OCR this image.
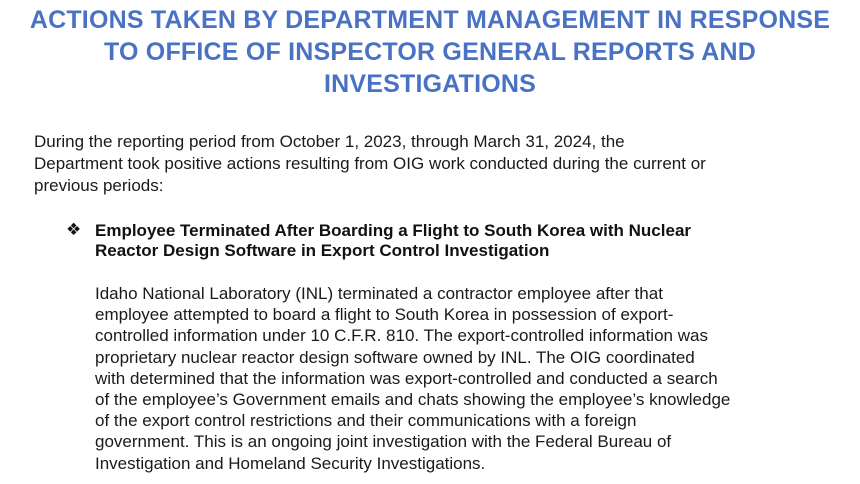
ACTIONS TAKEN BY DEPARTMENT MANAGEMENT IN RESPONSE
TO OFFICE OF INSPECTOR GENERAL REPORTS AND
INVESTIGATIONS

During the reporting period from October 1, 2023, through March 31, 2024, the
Department took positive actions resulting from OIG work conducted during the current or
previous periods:

❖ Employee Terminated After Boarding a Flight to South Korea with Nuclear
Reactor Design Software in Export Control Investigation

Idaho National Laboratory (INL) terminated a contractor employee after that
employee attempted to board a flight to South Korea in possession of export-
controlled information under 10 C.F.R. 810. The export-controlled information was
proprietary nuclear reactor design software owned by INL. The OIG coordinated
with determined that the information was export-controlled and conducted a search
of the employee’s Government emails and chats showing the employee’s knowledge
of the export control restrictions and their communications with a foreign
government. This is an ongoing joint investigation with the Federal Bureau of
Investigation and Homeland Security Investigations.
